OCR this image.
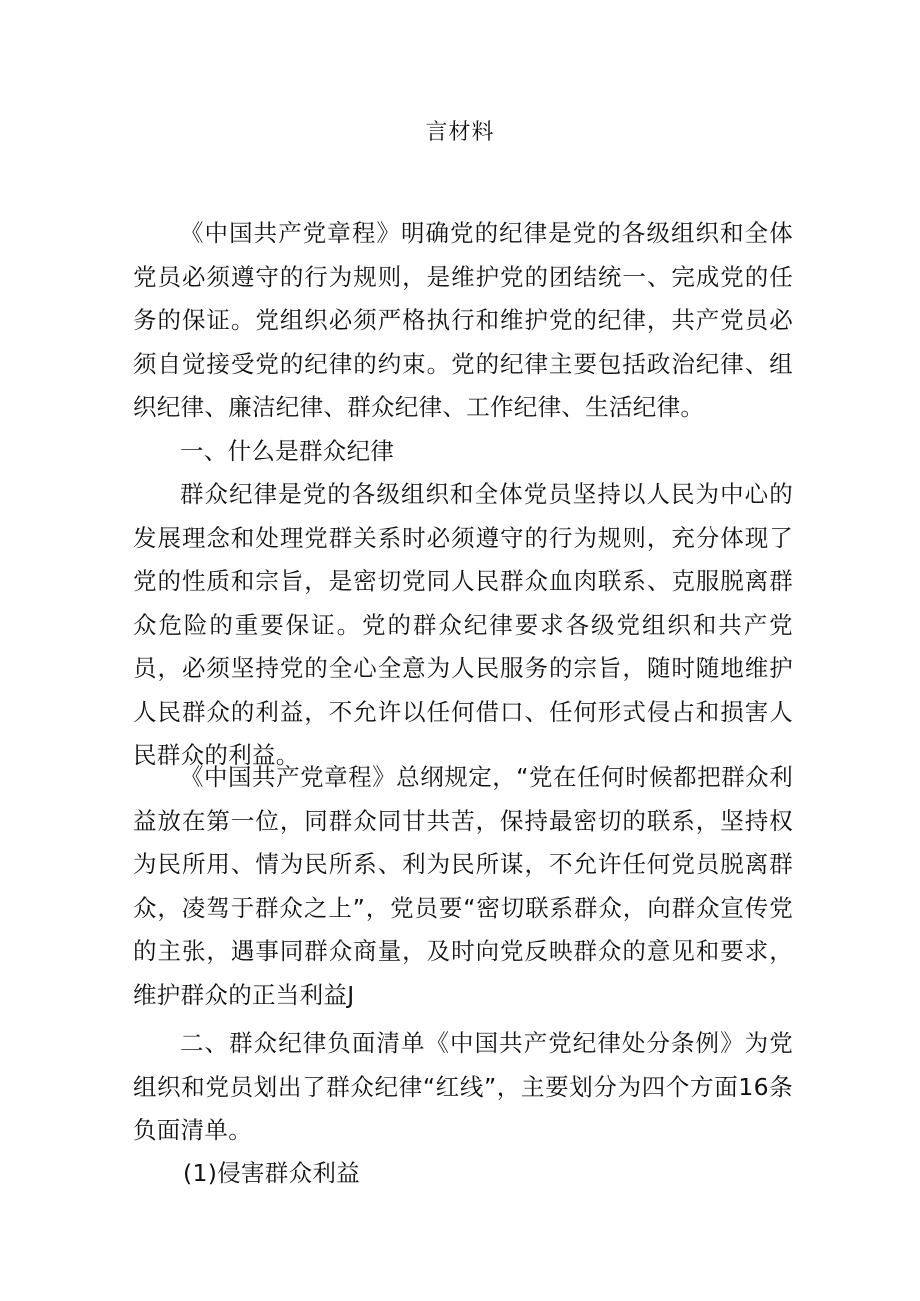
言材料
《中国共产党章程》明确党的纪律是党的各级组织和全体党员必须遵守的行为规则，是维护党的团结统一、完成党的任务的保证。党组织必须严格执行和维护党的纪律，共产党员必须自觉接受党的纪律的约束。党的纪律主要包括政治纪律、组织纪律、廉洁纪律、群众纪律、工作纪律、生活纪律。
一、什么是群众纪律
群众纪律是党的各级组织和全体党员坚持以人民为中心的发展理念和处理党群关系时必须遵守的行为规则，充分体现了党的性质和宗旨，是密切党同人民群众血肉联系、克服脱离群众危险的重要保证。党的群众纪律要求各级党组织和共产党员，必须坚持党的全心全意为人民服务的宗旨，随时随地维护人民群众的利益，不允许以任何借口、任何形式侵占和损害人民群众的利益。
《中国共产党章程》总纲规定，“党在任何时候都把群众利益放在第一位，同群众同甘共苦，保持最密切的联系，坚持权为民所用、情为民所系、利为民所谋，不允许任何党员脱离群众，凌驾于群众之上”，党员要“密切联系群众，向群众宣传党的主张，遇事同群众商量，及时向党反映群众的意见和要求，维护群众的正当利益J
二、群众纪律负面清单《中国共产党纪律处分条例》为党组织和党员划出了群众纪律“红线”，主要划分为四个方面16条负面清单。
(1)侵害群众利益
